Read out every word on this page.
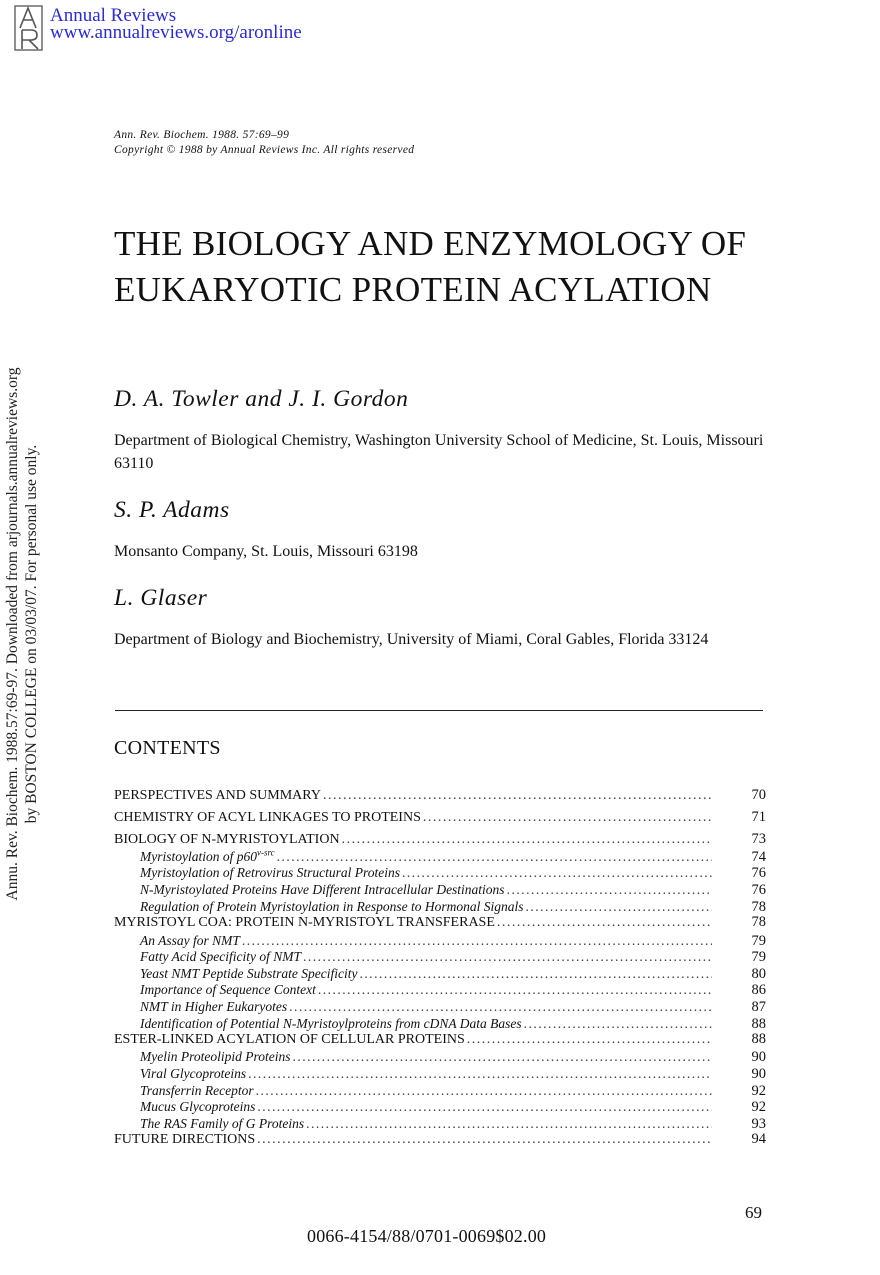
Annual Reviews
www.annualreviews.org/aronline
Annu. Rev. Biochem. 1988.57:69-97. Downloaded from arjournals.annualreviews.org by BOSTON COLLEGE on 03/03/07. For personal use only.
Ann. Rev. Biochem. 1988. 57:69–99
Copyright © 1988 by Annual Reviews Inc. All rights reserved
THE BIOLOGY AND ENZYMOLOGY OF EUKARYOTIC PROTEIN ACYLATION
D. A. Towler and J. I. Gordon
Department of Biological Chemistry, Washington University School of Medicine, St. Louis, Missouri 63110
S. P. Adams
Monsanto Company, St. Louis, Missouri 63198
L. Glaser
Department of Biology and Biochemistry, University of Miami, Coral Gables, Florida 33124
CONTENTS
PERSPECTIVES AND SUMMARY .....	70
CHEMISTRY OF ACYL LINKAGES TO PROTEINS .....	71
BIOLOGY OF N-MYRISTOYLATION .....	73
Myristoylation of $p60^{v-src}$ .....	74
Myristoylation of Retrovirus Structural Proteins .....	76
N-Myristoylated Proteins Have Different Intracellular Destinations .....	76
Regulation of Protein Myristoylation in Response to Hormonal Signals .....	78
MYRISTOYL COA: PROTEIN N-MYRISTOYL TRANSFERASE .....	78
An Assay for NMT .....	79
Fatty Acid Specificity of NMT .....	79
Yeast NMT Peptide Substrate Specificity .....	80
Importance of Sequence Context .....	86
NMT in Higher Eukaryotes .....	87
Identification of Potential N-Myristoylproteins from cDNA Data Bases .....	88
ESTER-LINKED ACYLATION OF CELLULAR PROTEINS .....	88
Myelin Proteolipid Proteins .....	90
Viral Glycoproteins .....	90
Transferrin Receptor .....	92
Mucus Glycoproteins .....	92
The RAS Family of G Proteins .....	93
FUTURE DIRECTIONS .....	94
69
0066-4154/88/0701-0069$02.00
